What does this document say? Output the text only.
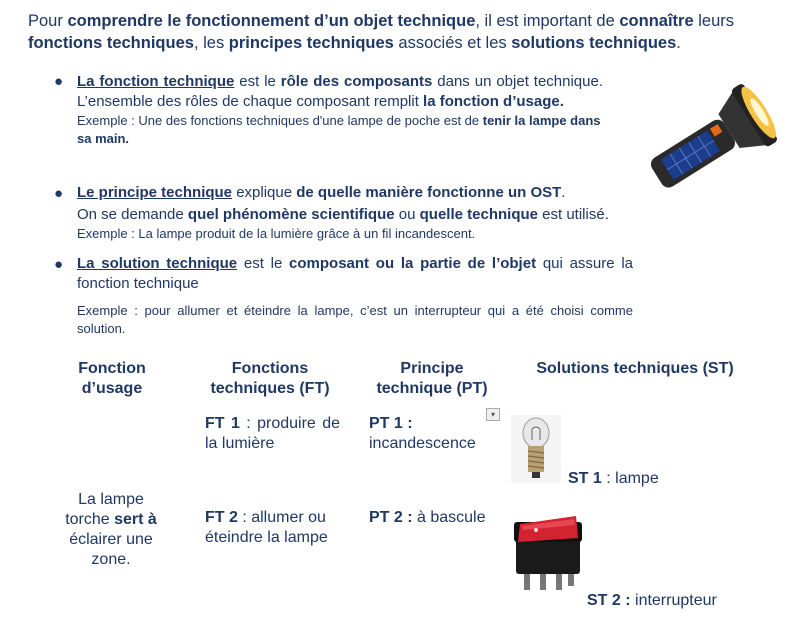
Pour comprendre le fonctionnement d’un objet technique, il est important de connaître leurs fonctions techniques, les principes techniques associés et les solutions techniques.
● La fonction technique est le rôle des composants dans un objet technique. L’ensemble des rôles de chaque composant remplit la fonction d’usage.
Exemple : Une des fonctions techniques d'une lampe de poche est de tenir la lampe dans sa main.
● Le principe technique explique de quelle manière fonctionne un OST.
On se demande quel phénomène scientifique ou quelle technique est utilisé.
Exemple : La lampe produit de la lumière grâce à un fil incandescent.
● La solution technique est le composant ou la partie de l’objet qui assure la fonction technique
Exemple : pour allumer et éteindre la lampe, c’est un interrupteur qui a été choisi comme solution.
Fonction d’usage
Fonctions techniques (FT)
Principe technique (PT)
Solutions techniques (ST)
FT 1 : produire de la lumière
PT 1 :
incandescence
▾
ST 1 : lampe
La lampe torche sert à éclairer une zone.
FT 2 : allumer ou éteindre la lampe
PT 2 : à bascule
ST 2 : interrupteur
